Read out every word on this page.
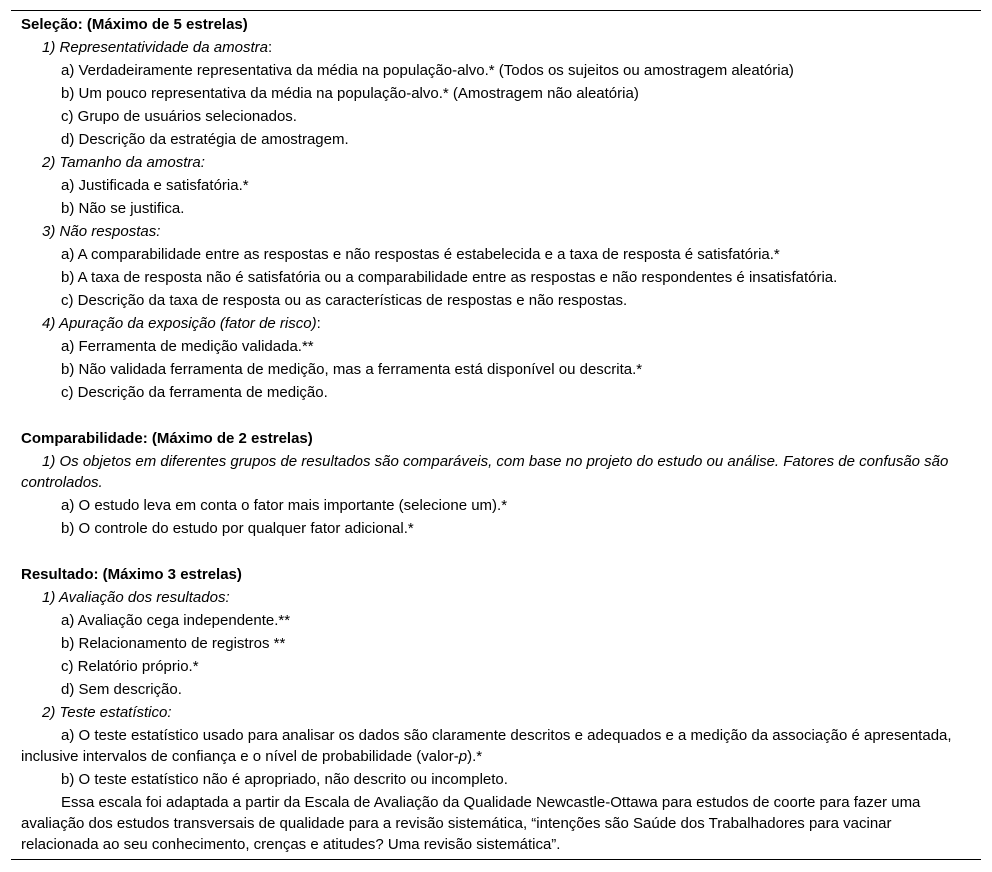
Seleção: (Máximo de 5 estrelas)
1) Representatividade da amostra:
a) Verdadeiramente representativa da média na população-alvo.* (Todos os sujeitos ou amostragem aleatória)
b) Um pouco representativa da média na população-alvo.* (Amostragem não aleatória)
c) Grupo de usuários selecionados.
d) Descrição da estratégia de amostragem.
2) Tamanho da amostra:
a) Justificada e satisfatória.*
b) Não se justifica.
3) Não respostas:
a) A comparabilidade entre as respostas e não respostas é estabelecida e a taxa de resposta é satisfatória.*
b) A taxa de resposta não é satisfatória ou a comparabilidade entre as respostas e não respondentes é insatisfatória.
c) Descrição da taxa de resposta ou as características de respostas e não respostas.
4) Apuração da exposição (fator de risco):
a) Ferramenta de medição validada.**
b) Não validada ferramenta de medição, mas a ferramenta está disponível ou descrita.*
c) Descrição da ferramenta de medição.
Comparabilidade: (Máximo de 2 estrelas)
1) Os objetos em diferentes grupos de resultados são comparáveis, com base no projeto do estudo ou análise. Fatores de confusão são controlados.
a) O estudo leva em conta o fator mais importante (selecione um).*
b) O controle do estudo por qualquer fator adicional.*
Resultado: (Máximo 3 estrelas)
1) Avaliação dos resultados:
a) Avaliação cega independente.**
b) Relacionamento de registros **
c) Relatório próprio.*
d) Sem descrição.
2) Teste estatístico:
a) O teste estatístico usado para analisar os dados são claramente descritos e adequados e a medição da associação é apresentada, inclusive intervalos de confiança e o nível de probabilidade (valor-p).*
b) O teste estatístico não é apropriado, não descrito ou incompleto.
Essa escala foi adaptada a partir da Escala de Avaliação da Qualidade Newcastle-Ottawa para estudos de coorte para fazer uma avaliação dos estudos transversais de qualidade para a revisão sistemática, “intenções são Saúde dos Trabalhadores para vacinar relacionada ao seu conhecimento, crenças e atitudes? Uma revisão sistemática”.
